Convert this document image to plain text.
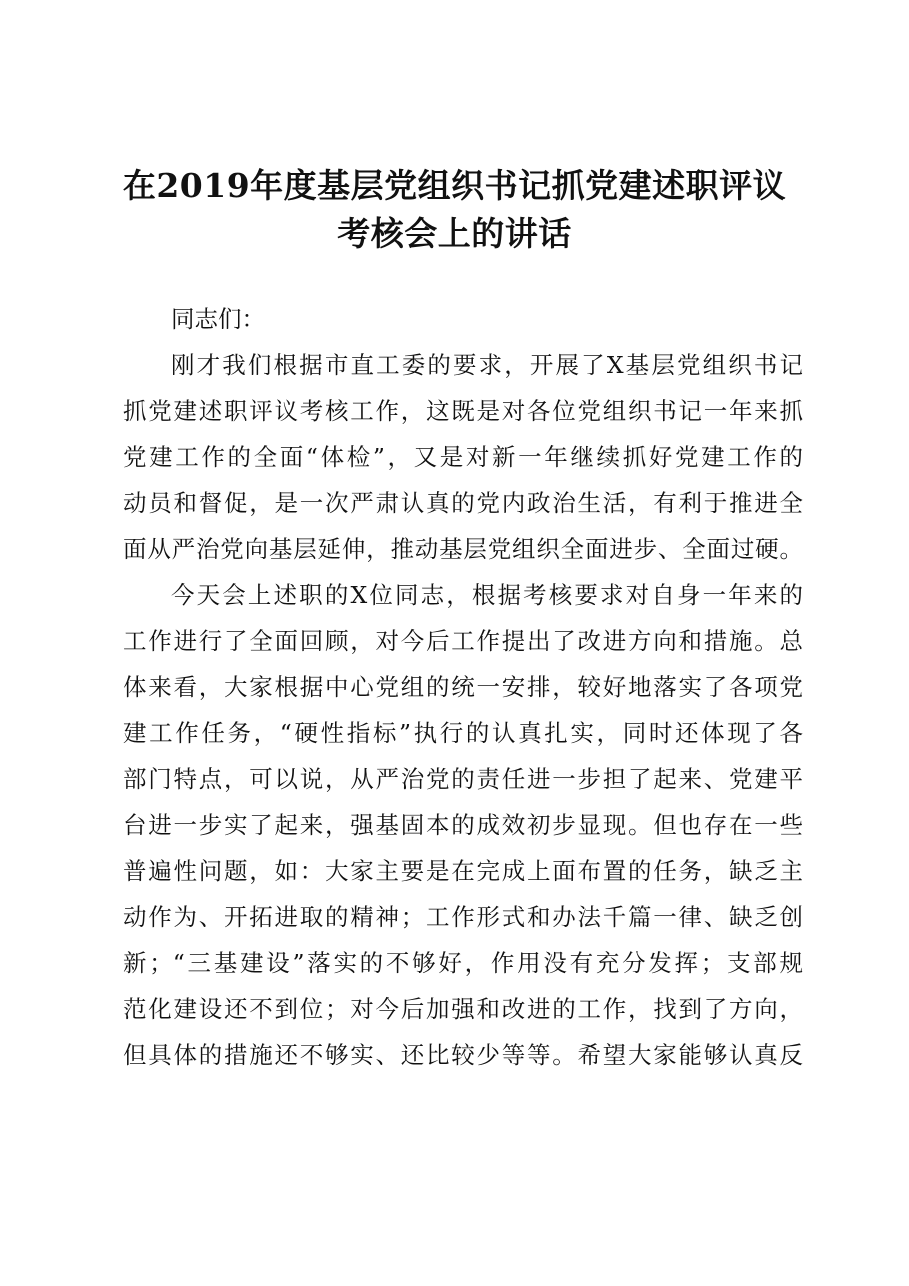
在2019年度基层党组织书记抓党建述职评议
考核会上的讲话
同志们：
刚才我们根据市直工委的要求，开展了X基层党组织书记
抓党建述职评议考核工作，这既是对各位党组织书记一年来抓
党建工作的全面“体检”，又是对新一年继续抓好党建工作的
动员和督促，是一次严肃认真的党内政治生活，有利于推进全
面从严治党向基层延伸，推动基层党组织全面进步、全面过硬。
今天会上述职的X位同志，根据考核要求对自身一年来的
工作进行了全面回顾，对今后工作提出了改进方向和措施。总
体来看，大家根据中心党组的统一安排，较好地落实了各项党
建工作任务，“硬性指标”执行的认真扎实，同时还体现了各
部门特点，可以说，从严治党的责任进一步担了起来、党建平
台进一步实了起来，强基固本的成效初步显现。但也存在一些
普遍性问题，如：大家主要是在完成上面布置的任务，缺乏主
动作为、开拓进取的精神；工作形式和办法千篇一律、缺乏创
新；“三基建设”落实的不够好，作用没有充分发挥；支部规
范化建设还不到位；对今后加强和改进的工作，找到了方向，
但具体的措施还不够实、还比较少等等。希望大家能够认真反
